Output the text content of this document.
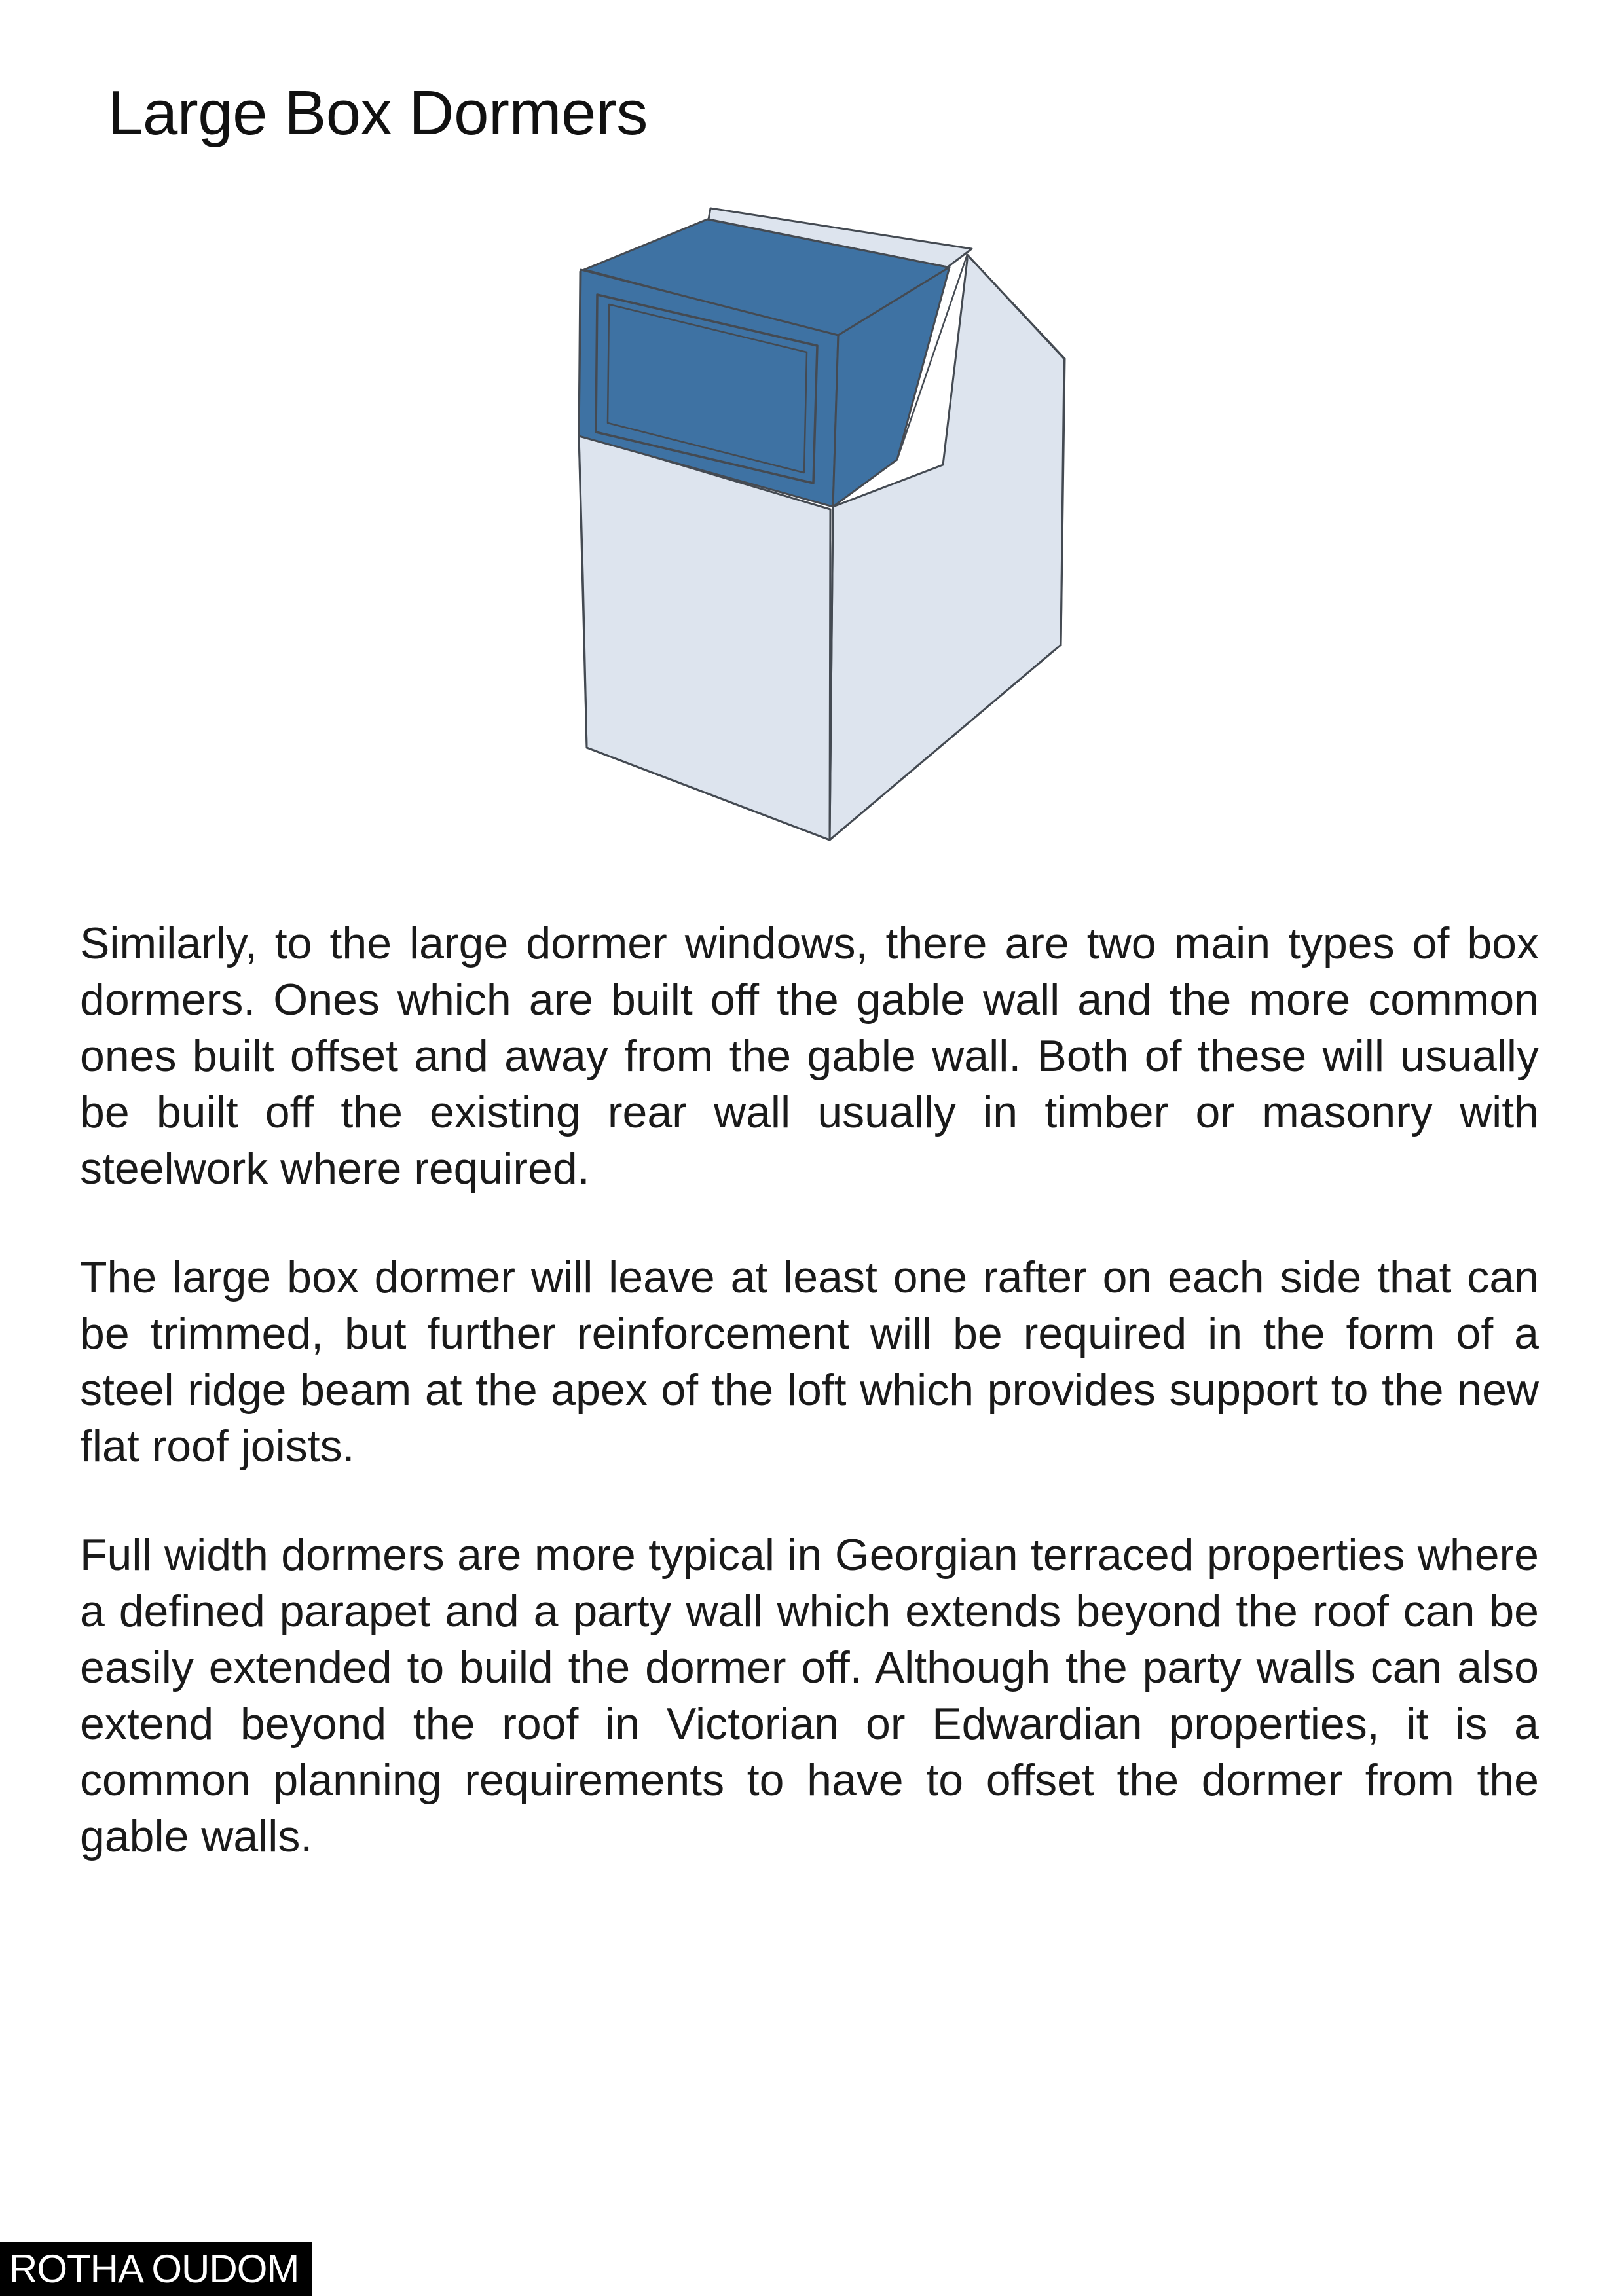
Large Box Dormers

Similarly, to the large dormer windows, there are two main types of box dormers. Ones which are built off the gable wall and the more common ones built offset and away from the gable wall. Both of these will usually be built off the existing rear wall usually in timber or masonry with steelwork where required.

The large box dormer will leave at least one rafter on each side that can be trimmed, but further reinforcement will be required in the form of a steel ridge beam at the apex of the loft which provides support to the new flat roof joists.

Full width dormers are more typical in Georgian terraced properties where a defined parapet and a party wall which extends beyond the roof can be easily extended to build the dormer off. Although the party walls can also extend beyond the roof in Victorian or Edwardian properties, it is a common planning requirements to have to offset the dormer from the gable walls.

ROTHA OUDOM
